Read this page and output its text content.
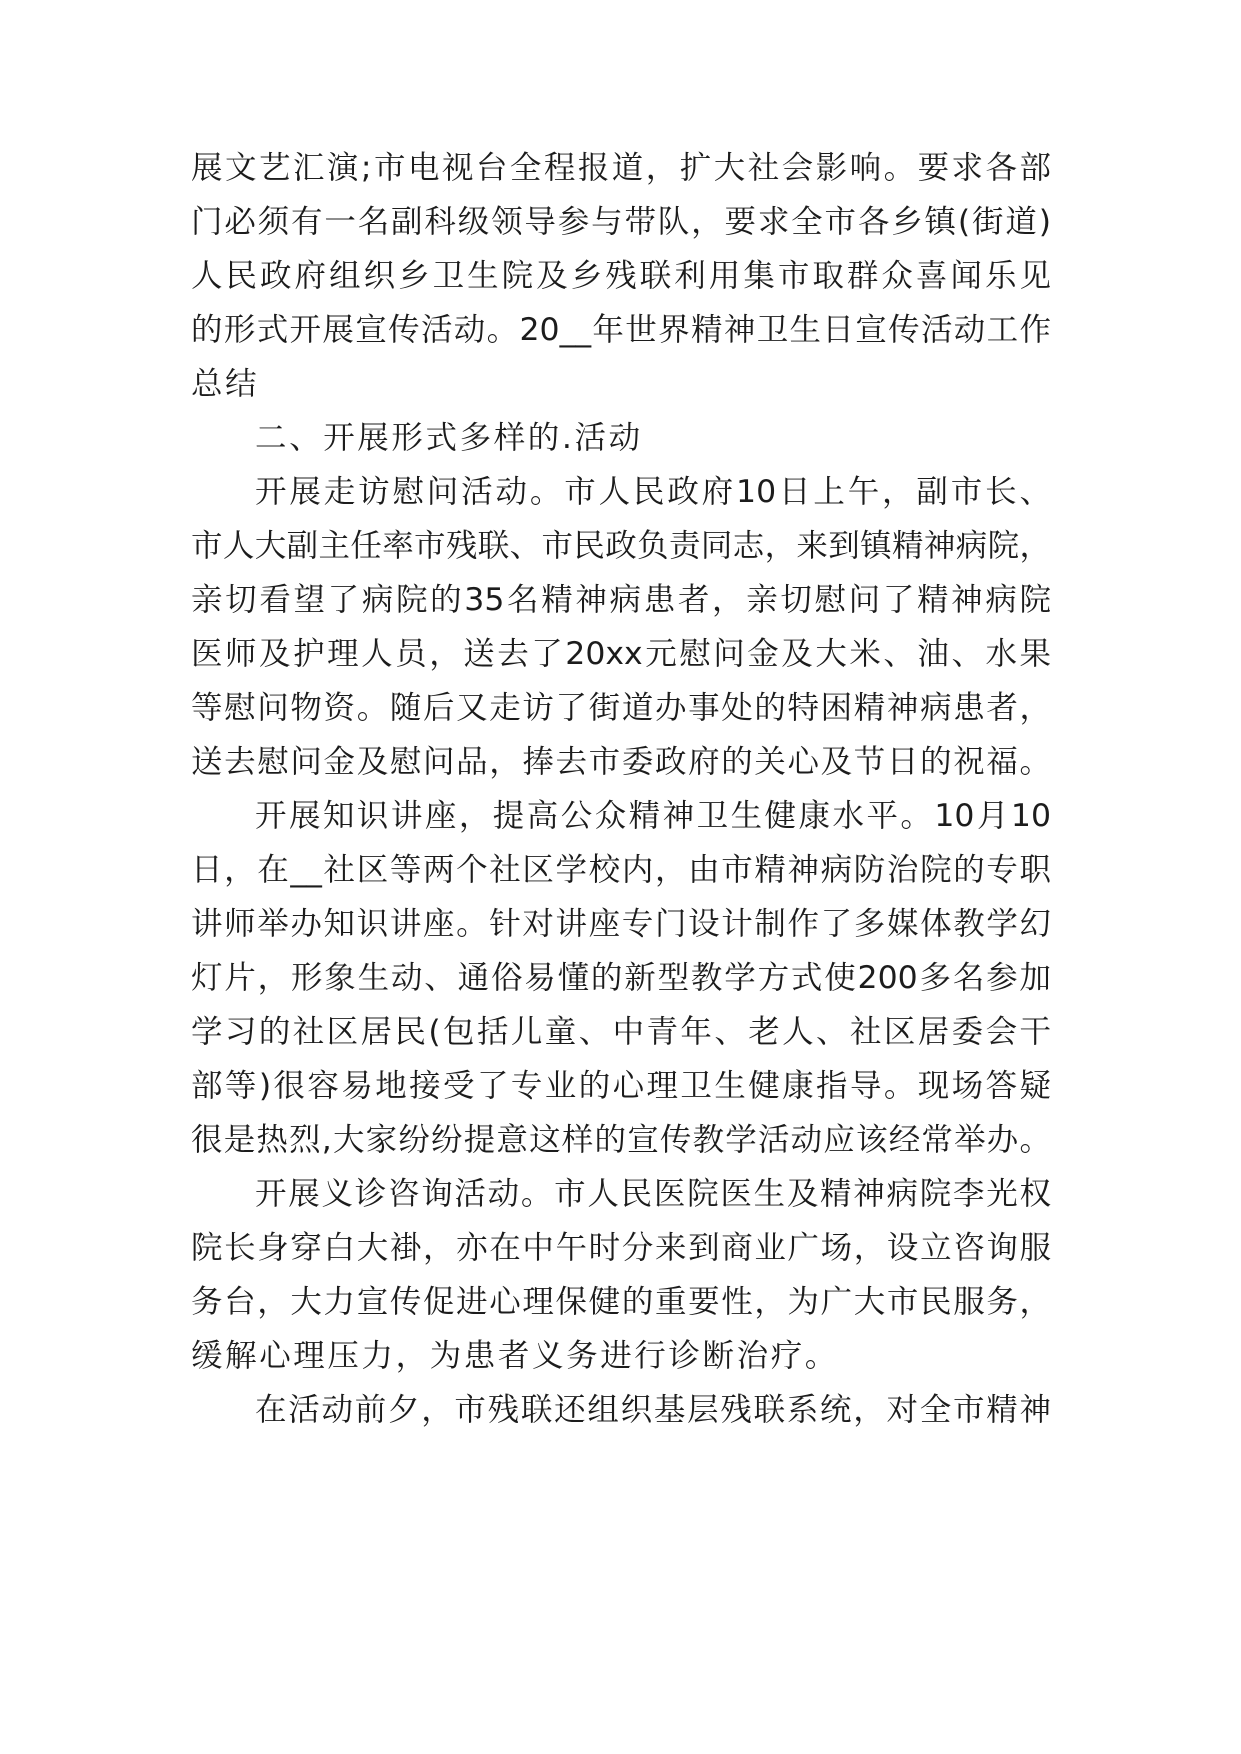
展文艺汇演;市电视台全程报道，扩大社会影响。要求各部
门必须有一名副科级领导参与带队，要求全市各乡镇(街道)
人民政府组织乡卫生院及乡残联利用集市取群众喜闻乐见
的形式开展宣传活动。20__年世界精神卫生日宣传活动工作
总结
二、开展形式多样的.活动
开展走访慰问活动。市人民政府10日上午，副市长、
市人大副主任率市残联、市民政负责同志，来到镇精神病院，
亲切看望了病院的35名精神病患者，亲切慰问了精神病院
医师及护理人员，送去了20xx元慰问金及大米、油、水果
等慰问物资。随后又走访了街道办事处的特困精神病患者，
送去慰问金及慰问品，捧去市委政府的关心及节日的祝福。
开展知识讲座，提高公众精神卫生健康水平。10月10
日，在__社区等两个社区学校内，由市精神病防治院的专职
讲师举办知识讲座。针对讲座专门设计制作了多媒体教学幻
灯片，形象生动、通俗易懂的新型教学方式使200多名参加
学习的社区居民(包括儿童、中青年、老人、社区居委会干
部等)很容易地接受了专业的心理卫生健康指导。现场答疑
很是热烈,大家纷纷提意这样的宣传教学活动应该经常举办。
开展义诊咨询活动。市人民医院医生及精神病院李光权
院长身穿白大褂，亦在中午时分来到商业广场，设立咨询服
务台，大力宣传促进心理保健的重要性，为广大市民服务，
缓解心理压力，为患者义务进行诊断治疗。
在活动前夕，市残联还组织基层残联系统，对全市精神
